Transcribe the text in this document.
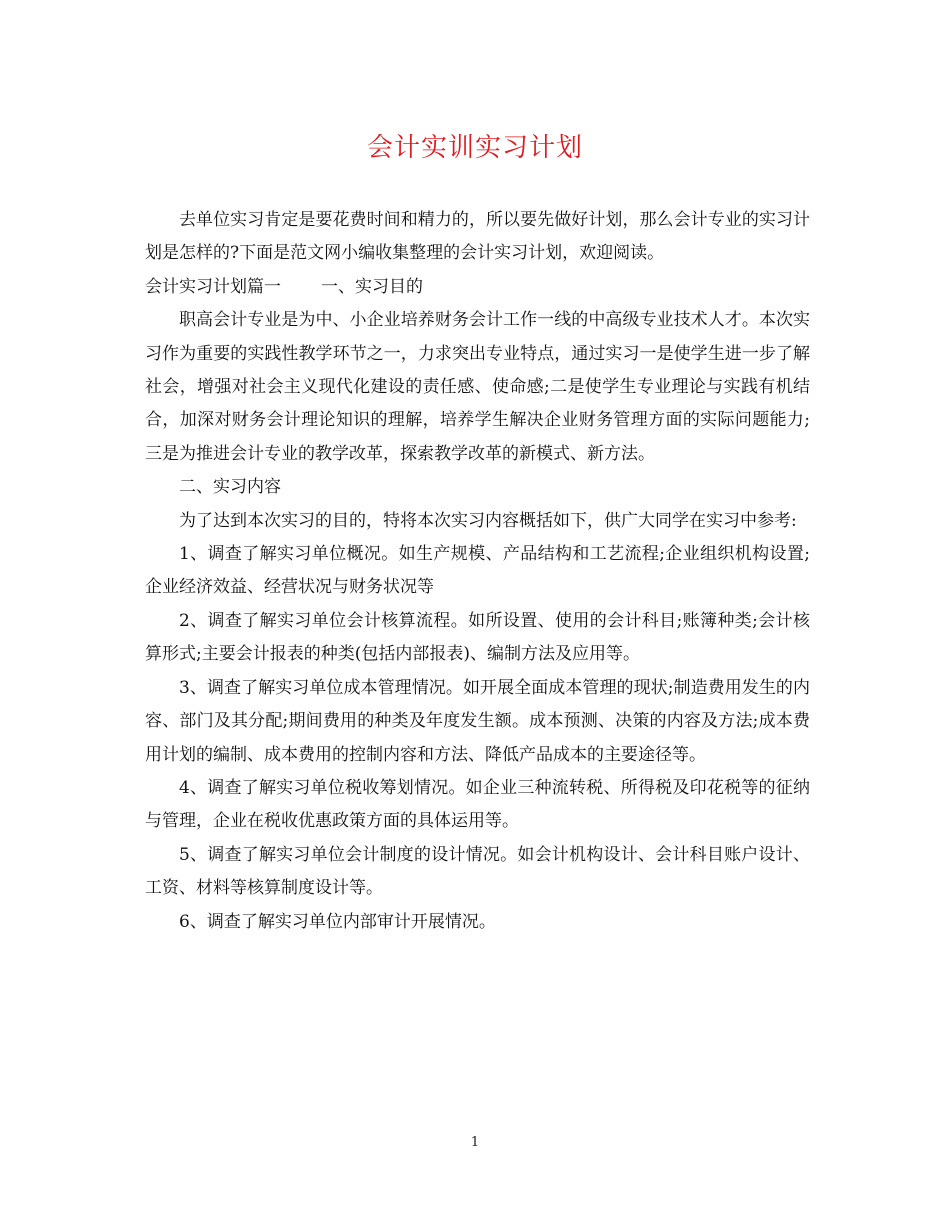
会计实训实习计划

去单位实习肯定是要花费时间和精力的，所以要先做好计划，那么会计专业的实习计划是怎样的?下面是范文网小编收集整理的会计实习计划，欢迎阅读。

会计实习计划篇一 一、实习目的

职高会计专业是为中、小企业培养财务会计工作一线的中高级专业技术人才。本次实习作为重要的实践性教学环节之一，力求突出专业特点，通过实习一是使学生进一步了解社会，增强对社会主义现代化建设的责任感、使命感;二是使学生专业理论与实践有机结合，加深对财务会计理论知识的理解，培养学生解决企业财务管理方面的实际问题能力;三是为推进会计专业的教学改革，探索教学改革的新模式、新方法。

二、实习内容

为了达到本次实习的目的，特将本次实习内容概括如下，供广大同学在实习中参考:

1、调查了解实习单位概况。如生产规模、产品结构和工艺流程;企业组织机构设置;企业经济效益、经营状况与财务状况等

2、调查了解实习单位会计核算流程。如所设置、使用的会计科目;账簿种类;会计核算形式;主要会计报表的种类(包括内部报表)、编制方法及应用等。

3、调查了解实习单位成本管理情况。如开展全面成本管理的现状;制造费用发生的内容、部门及其分配;期间费用的种类及年度发生额。成本预测、决策的内容及方法;成本费用计划的编制、成本费用的控制内容和方法、降低产品成本的主要途径等。

4、调查了解实习单位税收筹划情况。如企业三种流转税、所得税及印花税等的征纳与管理，企业在税收优惠政策方面的具体运用等。

5、调查了解实习单位会计制度的设计情况。如会计机构设计、会计科目账户设计、工资、材料等核算制度设计等。

6、调查了解实习单位内部审计开展情况。

1
